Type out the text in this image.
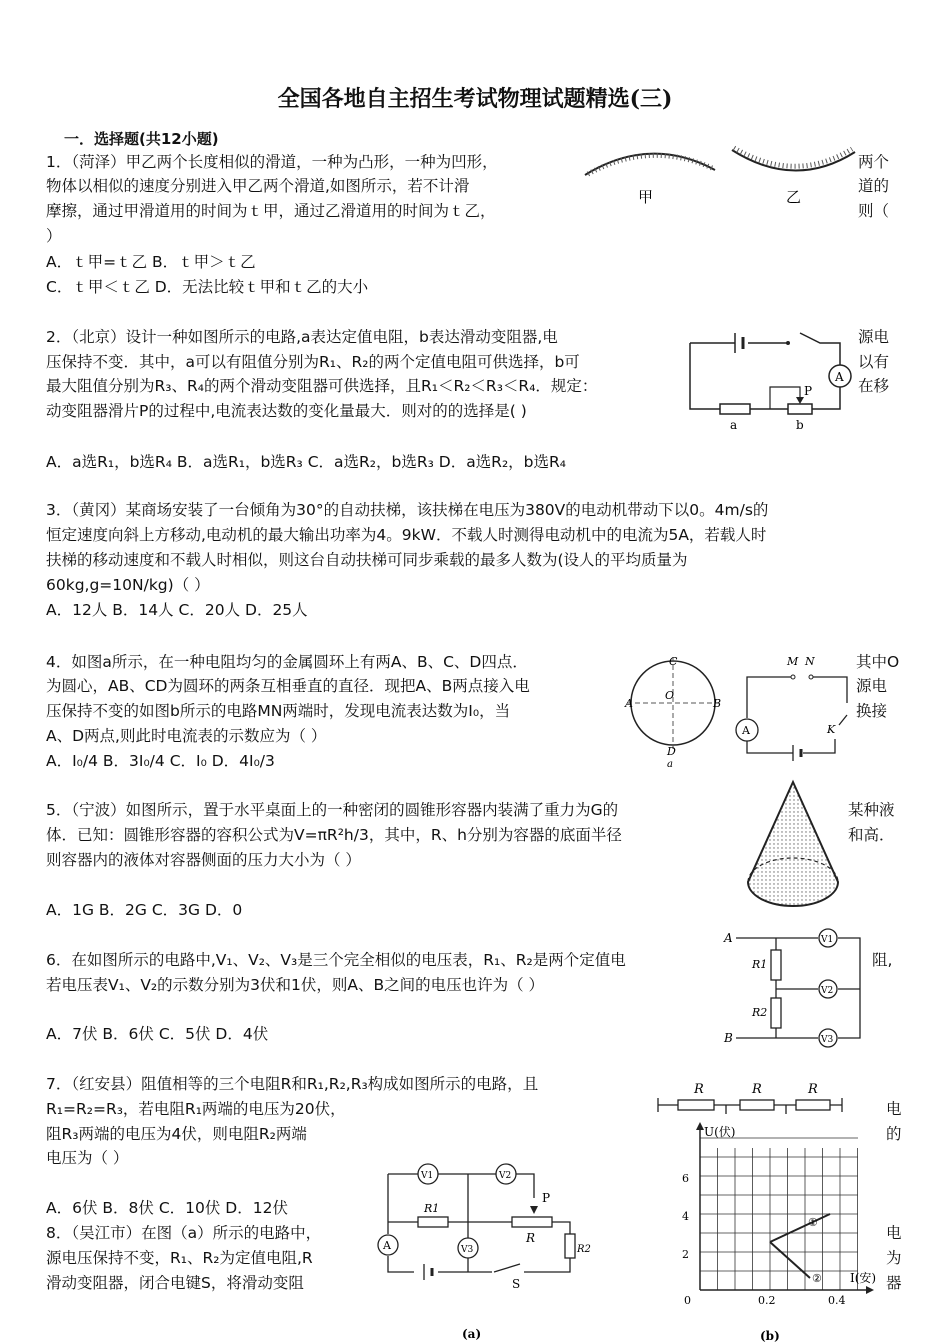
全国各地自主招生考试物理试题精选(三)
一．选择题(共12小题)
1．（菏泽）甲乙两个长度相似的滑道，一种为凸形，一种为凹形，
物体以相似的速度分别进入甲乙两个滑道,如图所示，若不计滑
摩擦，通过甲滑道用的时间为ｔ甲，通过乙滑道用的时间为ｔ乙，
）
两个
道的
则（
A．ｔ甲=ｔ乙 B．ｔ甲＞ｔ乙
C．ｔ甲＜ｔ乙 D．无法比较ｔ甲和ｔ乙的大小
甲	乙
2．（北京）设计一种如图所示的电路,a表达定值电阻，b表达滑动变阻器,电
压保持不变．其中，a可以有阻值分别为R₁、R₂的两个定值电阻可供选择，b可
最大阻值分别为R₃、R₄的两个滑动变阻器可供选择，且R₁＜R₂＜R₃＜R₄．规定：
动变阻器滑片P的过程中,电流表达数的变化量最大．则对的的选择是( )
源电
以有
在移
A．a选R₁，b选R₄ B．a选R₁，b选R₃ C．a选R₂，b选R₃ D．a选R₂，b选R₄
A
P
a	b
3．（黄冈）某商场安装了一台倾角为30°的自动扶梯，该扶梯在电压为380V的电动机带动下以0。4m/s的
恒定速度向斜上方移动,电动机的最大输出功率为4。9kW．不载人时测得电动机中的电流为5A，若载人时
扶梯的移动速度和不载人时相似，则这台自动扶梯可同步乘载的最多人数为(设人的平均质量为
60kg,g=10N/kg)（ ）
A．12人 B．14人 C．20人 D．25人
4．如图a所示，在一种电阻均匀的金属圆环上有两A、B、C、D四点．
为圆心，AB、CD为圆环的两条互相垂直的直径．现把A、B两点接入电
压保持不变的如图b所示的电路MN两端时，发现电流表达数为I₀，当
A、D两点,则此时电流表的示数应为（ ）
其中O
源电
换接
A．I₀/4 B．3I₀/4 C．I₀ D．4I₀/3
C
A
O
B
D
a
M N
A	K
5．（宁波）如图所示，置于水平桌面上的一种密闭的圆锥形容器内装满了重力为G的
体．已知：圆锥形容器的容积公式为V=πR²h/3，其中，R、h分别为容器的底面半径
则容器内的液体对容器侧面的压力大小为（ ）
某种液
和高．
A．1G B．2G C．3G D．0
6．在如图所示的电路中,V₁、V₂、V₃是三个完全相似的电压表，R₁、R₂是两个定值电
若电压表V₁、V₂的示数分别为3伏和1伏，则A、B之间的电压也许为（ ）
阻,
A．7伏 B．6伏 C．5伏 D．4伏
A
B
R1
R2
V1
V2
V3
7．（红安县）阻值相等的三个电阻R和R₁,R₂,R₃构成如图所示的电路，且
R₁=R₂=R₃，若电阻R₁两端的电压为20伏，
阻R₃两端的电压为4伏，则电阻R₂两端
电压为（ ）
电
的
A．6伏 B．8伏 C．10伏 D．12伏
R	R	R
8．（吴江市）在图（a）所示的电路中，
源电压保持不变，R₁、R₂为定值电阻,R
滑动变阻器，闭合电键S，将滑动变阻
电
为
器
V1	V2
R1
P
R
A	V3	R2
S
(a)
U(伏)
6
4
2
0	0.2	0.4
I(安)
①
②
(b)
